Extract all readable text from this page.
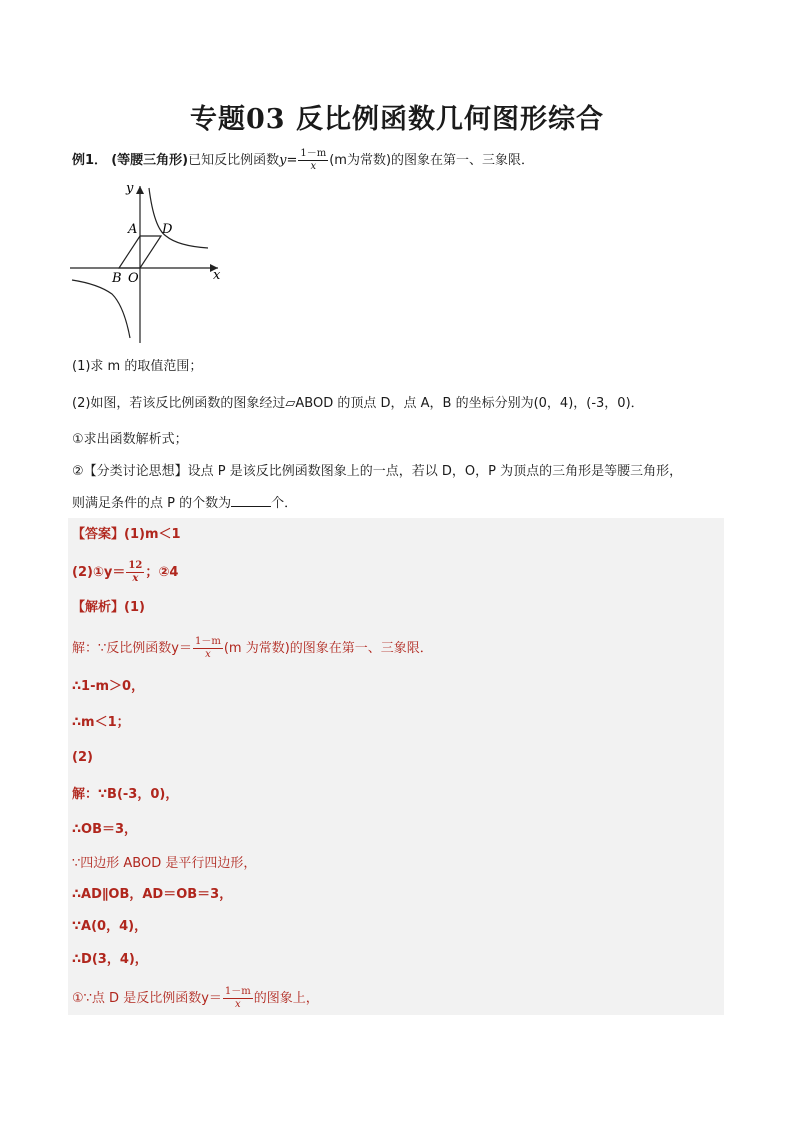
专题03 反比例函数几何图形综合
例1． (等腰三角形)已知反比例函数$y= \frac{1-m}{x} (m$为常数)的图象在第一、三象限．
A D
B O	x
y
(1)求 m 的取值范围；
(2)如图，若该反比例函数的图象经过▱ABOD 的顶点 D，点 A，B 的坐标分别为(0，4)，(-3，0)．
①求出函数解析式；
②【分类讨论思想】设点 P 是该反比例函数图象上的一点，若以 D，O，P 为顶点的三角形是等腰三角形，
则满足条件的点 P 的个数为	个．
【答案】(1)m＜1
(2)①y＝ $\frac{12}{x}$ ；②4
【解析】(1)
解：∵反比例函数$y= \frac{1-m}{x} (m$ 为常数)的图象在第一、三象限．
∴1-m＞0，
∴m＜1；
(2)
解：∵B(-3，0)，
∴OB＝3，
∵四边形 ABOD 是平行四边形，
∴AD∥OB，AD＝OB＝3，
∵A(0，4)，
∴D(3，4)，
①∵点 D 是反比例函数$y= \frac{1-m}{x}$ 的图象上，
